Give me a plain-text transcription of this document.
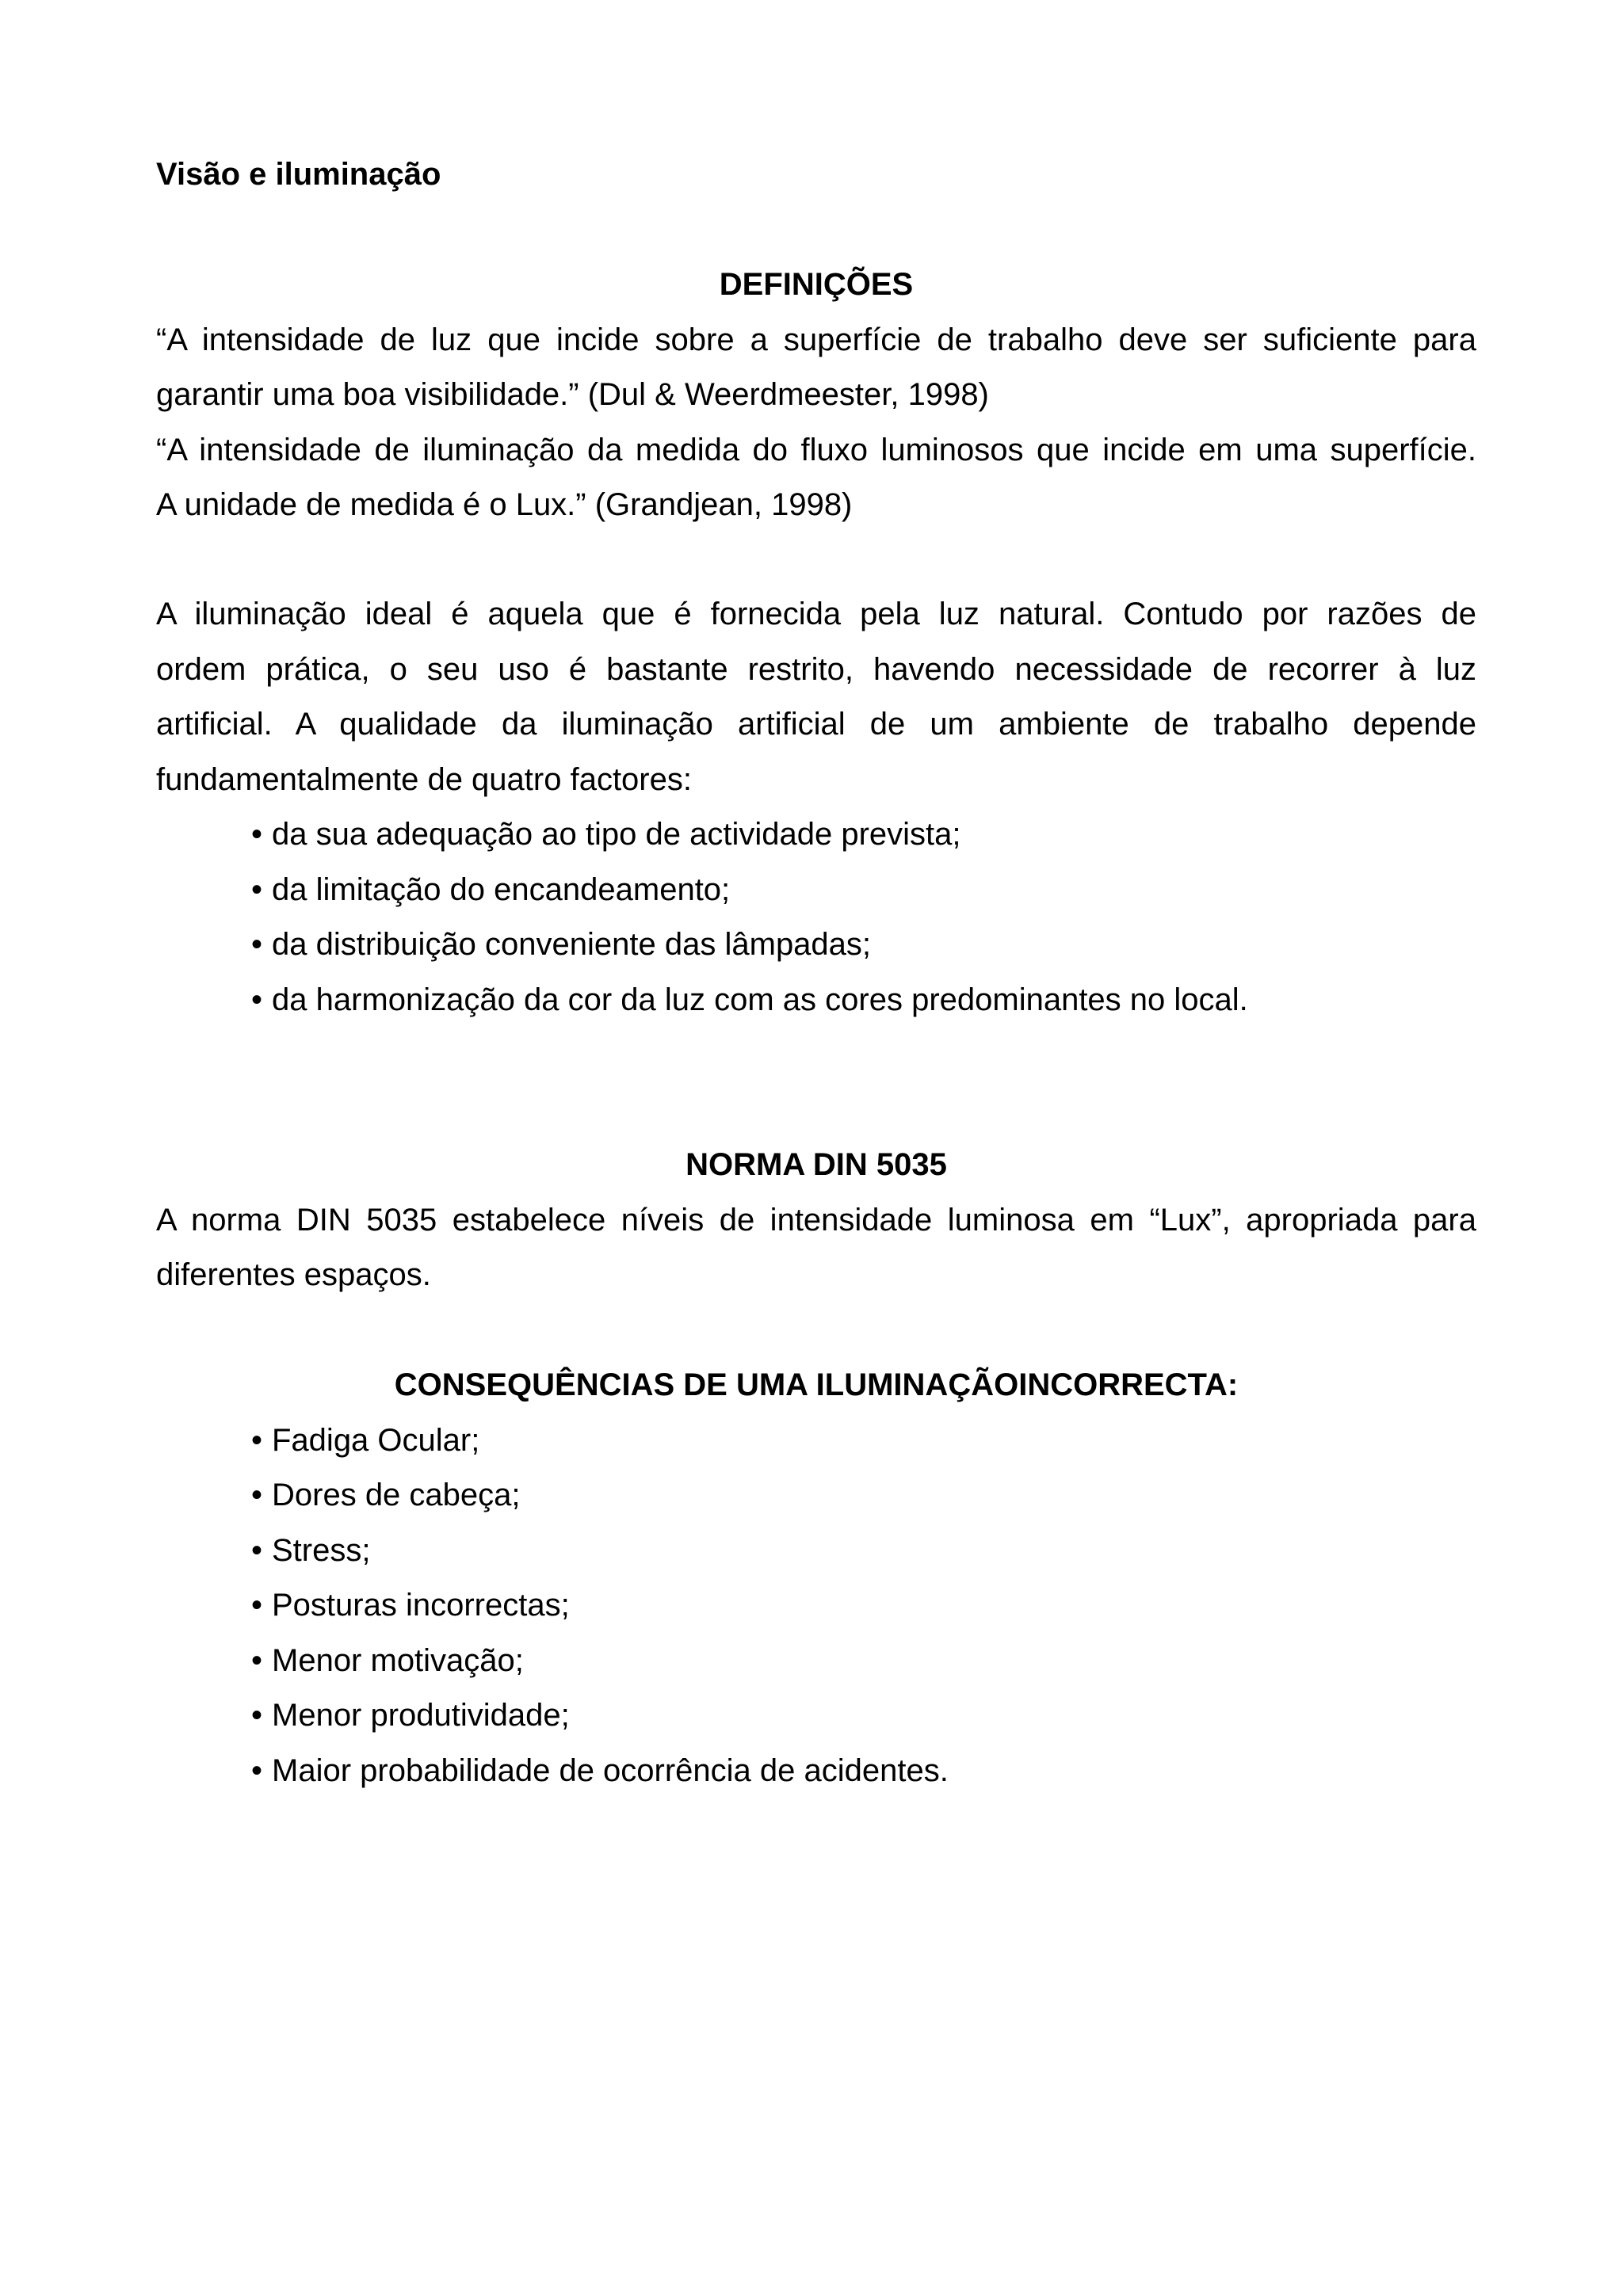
Visão e iluminação
DEFINIÇÕES

“A intensidade de luz que incide sobre a superfície de trabalho deve ser suficiente para

garantir uma boa visibilidade.” (Dul & Weerdmeester, 1998)

“A intensidade de iluminação da medida do fluxo luminosos que incide em uma superfície.

A unidade de medida é o Lux.” (Grandjean, 1998)

A iluminação ideal é aquela que é fornecida pela luz natural. Contudo por razões de

ordem prática, o seu uso é bastante restrito, havendo necessidade de recorrer à luz

artificial. A qualidade da iluminação artificial de um ambiente de trabalho depende

fundamentalmente de quatro factores:

• da sua adequação ao tipo de actividade prevista;
• da limitação do encandeamento;
• da distribuição conveniente das lâmpadas;
• da harmonização da cor da luz com as cores predominantes no local.
NORMA DIN 5035

A norma DIN 5035 estabelece níveis de intensidade luminosa em “Lux”, apropriada para

diferentes espaços.

CONSEQUÊNCIAS DE UMA ILUMINAÇÃOINCORRECTA:
• Fadiga Ocular;
• Dores de cabeça;
• Stress;
• Posturas incorrectas;
• Menor motivação;
• Menor produtividade;
• Maior probabilidade de ocorrência de acidentes.
